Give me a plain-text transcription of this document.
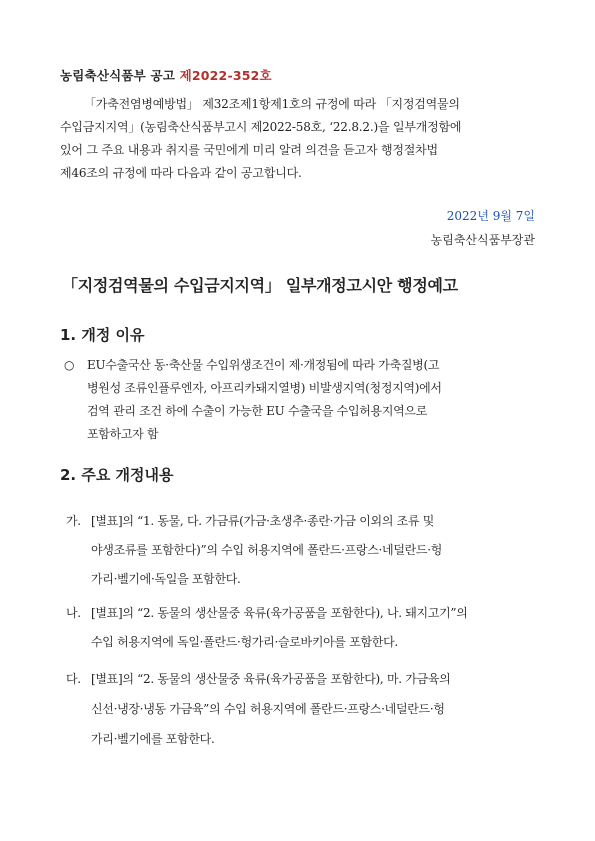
농림축산식품부 공고 제2022-352호
「가축전염병예방법」 제32조제1항제1호의 규정에 따라 「지정검역물의
수입금지지역」(농림축산식품부고시 제2022-58호, ‘22.8.2.)을 일부개정함에
있어 그 주요 내용과 취지를 국민에게 미리 알려 의견을 듣고자 행정절차법
제46조의 규정에 따라 다음과 같이 공고합니다.
2022년 9월 7일
농림축산식품부장관
「지정검역물의 수입금지지역」 일부개정고시안 행정예고
1. 개정 이유
○ EU수출국산 동·축산물 수입위생조건이 제·개정됨에 따라 가축질병(고
병원성 조류인플루엔자, 아프리카돼지열병) 비발생지역(청정지역)에서
검역 관리 조건 하에 수출이 가능한 EU 수출국을 수입허용지역으로
포함하고자 함
2. 주요 개정내용
가. [별표]의 “1. 동물, 다. 가금류(가금·초생추·종란·가금 이외의 조류 및
야생조류를 포함한다)”의 수입 허용지역에 폴란드·프랑스·네덜란드·헝
가리·벨기에·독일을 포함한다.
나. [별표]의 “2. 동물의 생산물중 육류(육가공품을 포함한다), 나. 돼지고기”의
수입 허용지역에 독일·폴란드·헝가리·슬로바키아를 포함한다.
다. [별표]의 “2. 동물의 생산물중 육류(육가공품을 포함한다), 마. 가금육의
신선·냉장·냉동 가금육”의 수입 허용지역에 폴란드·프랑스·네덜란드·헝
가리·벨기에를 포함한다.
